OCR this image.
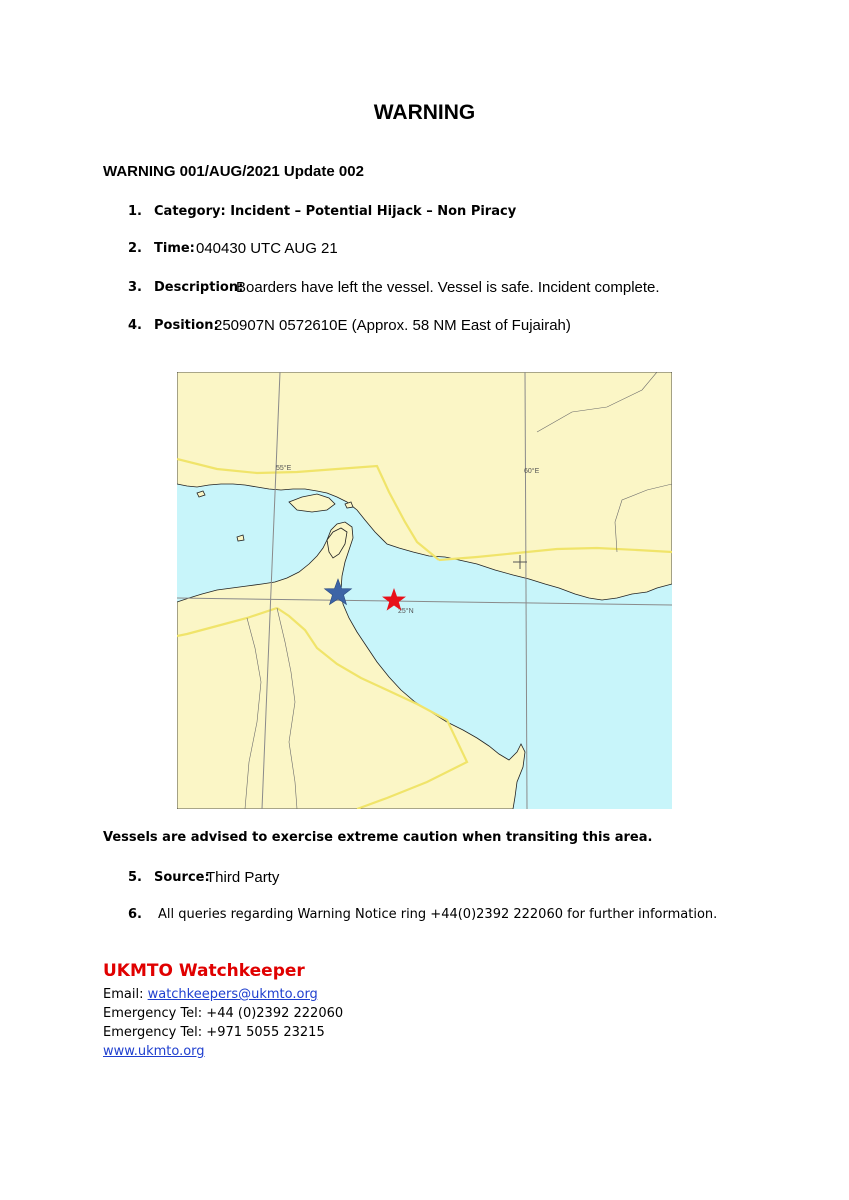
WARNING
WARNING 001/AUG/2021 Update 002
1. Category: Incident – Potential Hijack – Non Piracy
2. Time: 040430 UTC AUG 21
3. Description:
Boarders have left the vessel. Vessel is safe. Incident complete.
4. Position:
250907N 0572610E (Approx. 58 NM East of Fujairah)
55°E	60°E
25°N
Vessels are advised to exercise extreme caution when transiting this area.
5. Source:
Third Party
6. All queries regarding Warning Notice ring +44(0)2392 222060 for further information.
UKMTO Watchkeeper
Email: watchkeepers@ukmto.org
Emergency Tel: +44 (0)2392 222060
Emergency Tel: +971 5055 23215
www.ukmto.org
